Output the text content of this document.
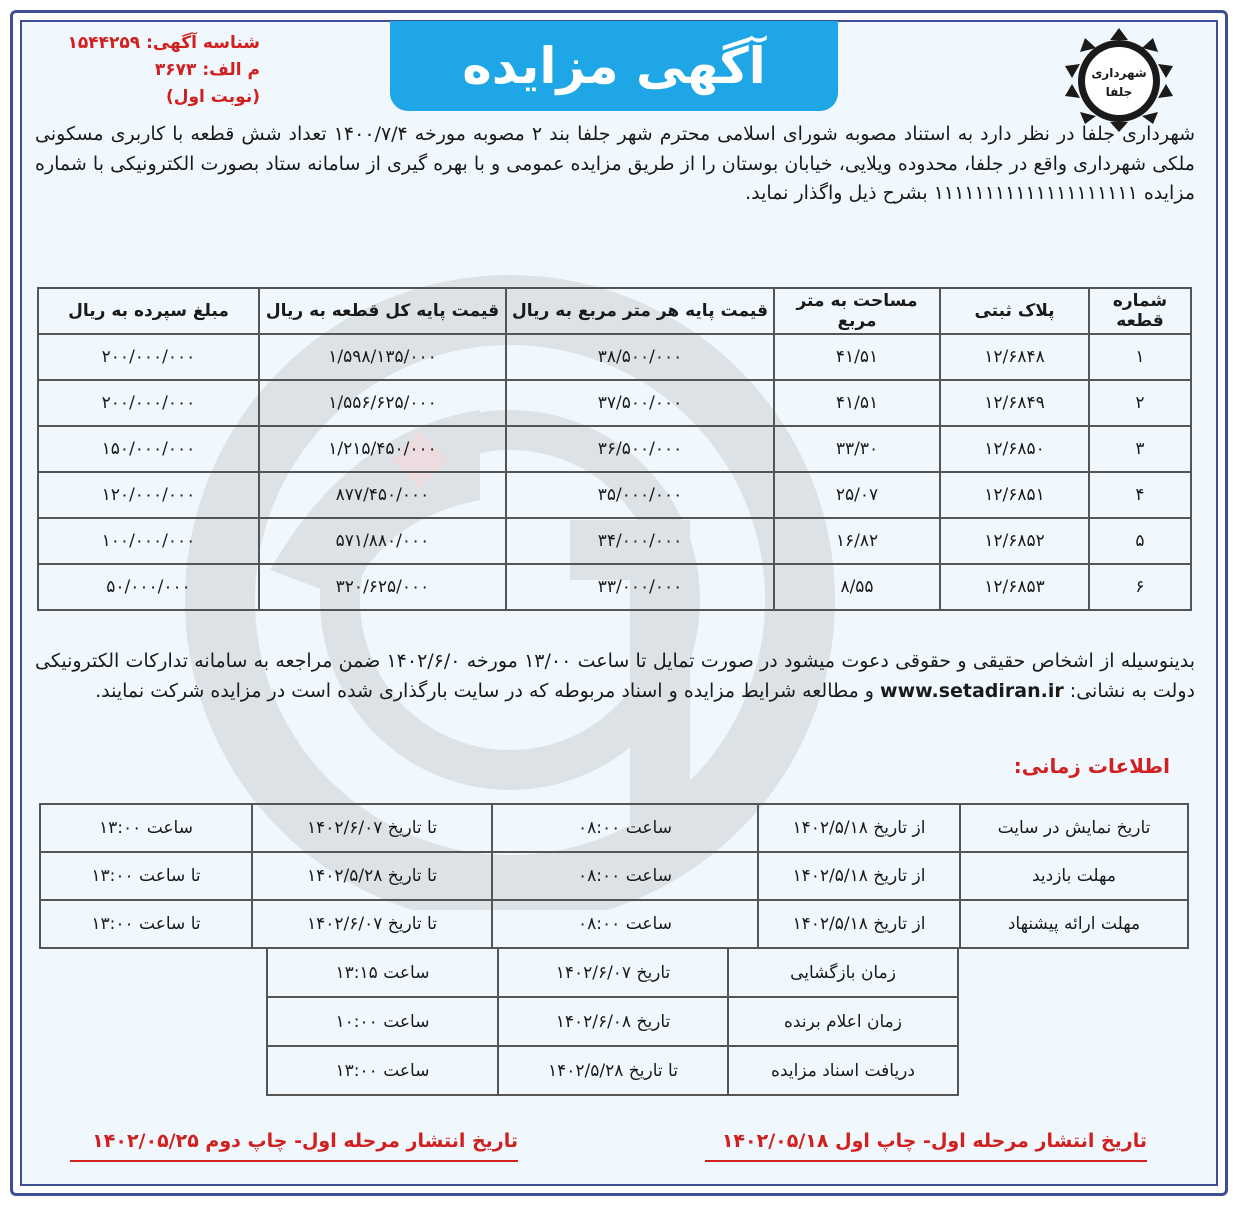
آگهی مزایده
شناسه آگهی: ۱۵۴۴۲۵۹
م الف: ۳۶۷۳
(نوبت اول)
شهرداری
جلفا
شهرداری جلفا در نظر دارد به استناد مصوبه شورای اسلامی محترم شهر جلفا بند ۲ مصوبه مورخه ۱۴۰۰/۷/۴ تعداد شش قطعه با کاربری مسکونی ملکی شهرداری واقع در جلفا، محدوده ویلایی، خیابان بوستان را از طریق مزایده عمومی و با بهره گیری از سامانه ستاد بصورت الکترونیکی با شماره مزایده ۱۱۱۱۱۱۱۱۱۱۱۱۱۱۱۱۱۱۱۱ بشرح ذیل واگذار نماید.
شماره قطعه	پلاک ثبتی	مساحت به متر مربع	قیمت پایه هر متر مربع به ریال	قیمت پایه کل قطعه به ریال	مبلغ سپرده به ریال
۱	۱۲/۶۸۴۸	۴۱/۵۱	۳۸/۵۰۰/۰۰۰	۱/۵۹۸/۱۳۵/۰۰۰	۲۰۰/۰۰۰/۰۰۰
۲	۱۲/۶۸۴۹	۴۱/۵۱	۳۷/۵۰۰/۰۰۰	۱/۵۵۶/۶۲۵/۰۰۰	۲۰۰/۰۰۰/۰۰۰
۳	۱۲/۶۸۵۰	۳۳/۳۰	۳۶/۵۰۰/۰۰۰	۱/۲۱۵/۴۵۰/۰۰۰	۱۵۰/۰۰۰/۰۰۰
۴	۱۲/۶۸۵۱	۲۵/۰۷	۳۵/۰۰۰/۰۰۰	۸۷۷/۴۵۰/۰۰۰	۱۲۰/۰۰۰/۰۰۰
۵	۱۲/۶۸۵۲	۱۶/۸۲	۳۴/۰۰۰/۰۰۰	۵۷۱/۸۸۰/۰۰۰	۱۰۰/۰۰۰/۰۰۰
۶	۱۲/۶۸۵۳	۸/۵۵	۳۳/۰۰۰/۰۰۰	۳۲۰/۶۲۵/۰۰۰	۵۰/۰۰۰/۰۰۰
بدینوسیله از اشخاص حقیقی و حقوقی دعوت میشود در صورت تمایل تا ساعت ۱۳/۰۰ مورخه ۱۴۰۲/۶/۰ ضمن مراجعه به سامانه تدارکات الکترونیکی دولت به نشانی: www.setadiran.ir و مطالعه شرایط مزایده و اسناد مربوطه که در سایت بارگذاری شده است در مزایده شرکت نمایند.
اطلاعات زمانی:
تاریخ نمایش در سایت	از تاریخ ۱۴۰۲/۵/۱۸	ساعت ۰۸:۰۰	تا تاریخ ۱۴۰۲/۶/۰۷	ساعت ۱۳:۰۰
مهلت بازدید	از تاریخ ۱۴۰۲/۵/۱۸	ساعت ۰۸:۰۰	تا تاریخ ۱۴۰۲/۵/۲۸	تا ساعت ۱۳:۰۰
مهلت ارائه پیشنهاد	از تاریخ ۱۴۰۲/۵/۱۸	ساعت ۰۸:۰۰	تا تاریخ ۱۴۰۲/۶/۰۷	تا ساعت ۱۳:۰۰
زمان بازگشایی	تاریخ ۱۴۰۲/۶/۰۷	ساعت ۱۳:۱۵
زمان اعلام برنده	تاریخ ۱۴۰۲/۶/۰۸	ساعت ۱۰:۰۰
دریافت اسناد مزایده	تا تاریخ ۱۴۰۲/۵/۲۸	ساعت ۱۳:۰۰
تاریخ انتشار مرحله اول- چاپ اول ۱۴۰۲/۰۵/۱۸
تاریخ انتشار مرحله اول- چاپ دوم ۱۴۰۲/۰۵/۲۵
